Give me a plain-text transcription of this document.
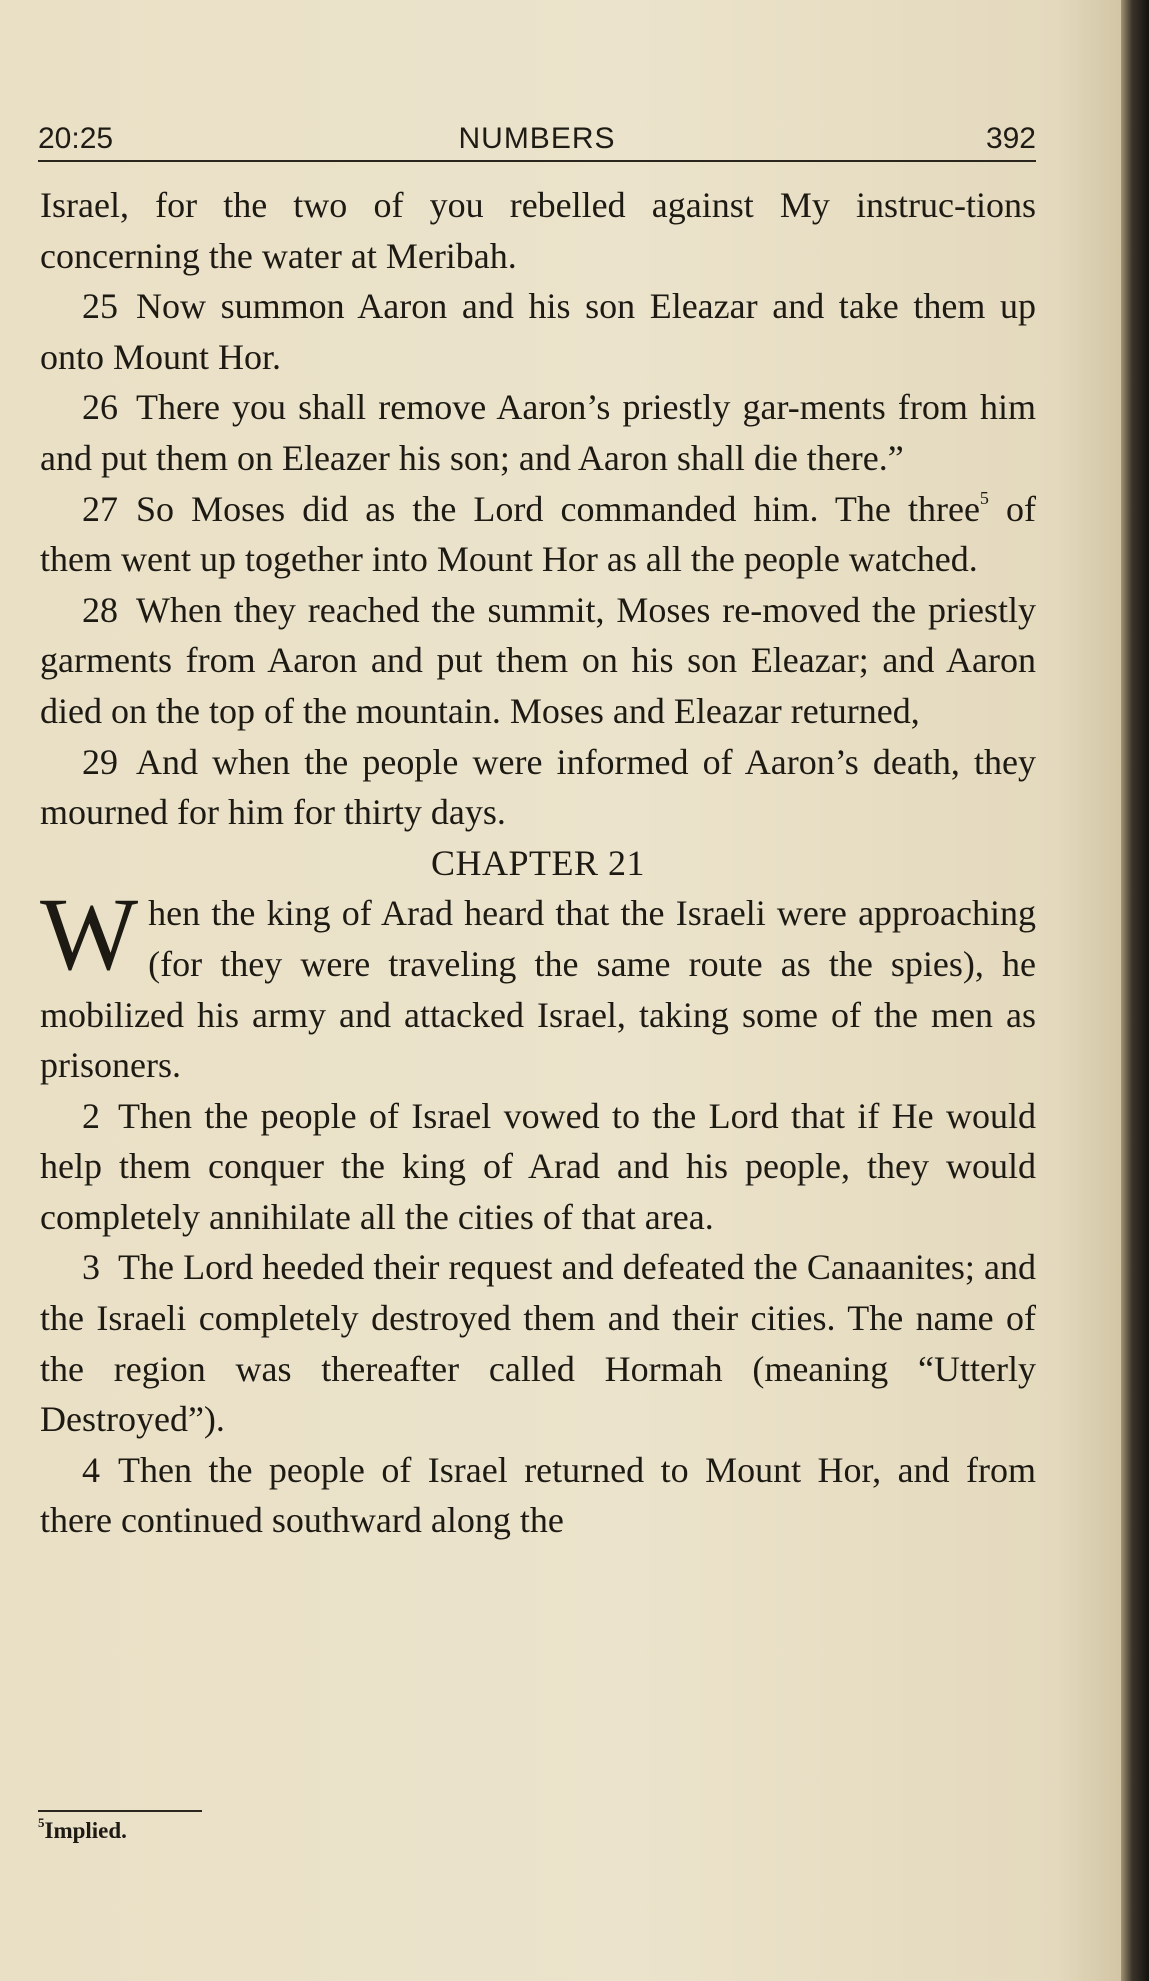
20:25	NUMBERS	392

Israel, for the two of you rebelled against My instruc-tions concerning the water at Meribah.

25 Now summon Aaron and his son Eleazar and take them up onto Mount Hor.

26 There you shall remove Aaron’s priestly gar-ments from him and put them on Eleazer his son; and Aaron shall die there.”

27 So Moses did as the Lord commanded him. The three$^5$ of them went up together into Mount Hor as all the people watched.

28 When they reached the summit, Moses re-moved the priestly garments from Aaron and put them on his son Eleazar; and Aaron died on the top of the mountain. Moses and Eleazar returned,

29 And when the people were informed of Aaron’s death, they mourned for him for thirty days.

CHAPTER 21

When the king of Arad heard that the Israeli were approaching (for they were traveling the same route as the spies), he mobilized his army and attacked Israel, taking some of the men as prisoners.

2 Then the people of Israel vowed to the Lord that if He would help them conquer the king of Arad and his people, they would completely annihilate all the cities of that area.

3 The Lord heeded their request and defeated the Canaanites; and the Israeli completely destroyed them and their cities. The name of the region was thereafter called Hormah (meaning “Utterly Destroyed”).

4 Then the people of Israel returned to Mount Hor, and from there continued southward along the

$^5$Implied.
